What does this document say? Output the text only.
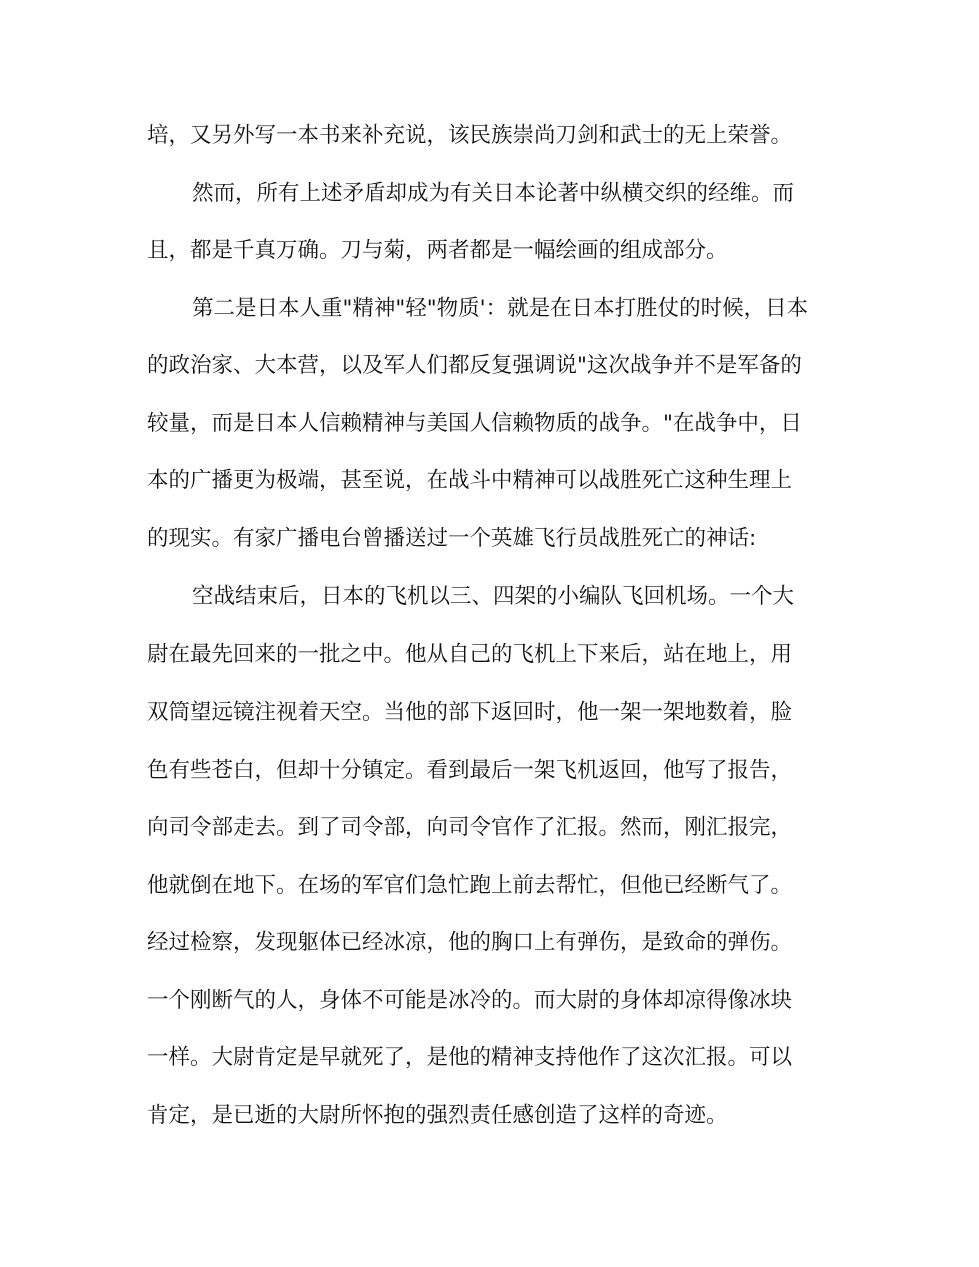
培，又另外写一本书来补充说，该民族崇尚刀剑和武士的无上荣誉。
然而，所有上述矛盾却成为有关日本论著中纵横交织的经维。而
且，都是千真万确。刀与菊，两者都是一幅绘画的组成部分。
第二是日本人重"精神"轻"物质'：就是在日本打胜仗的时候，日本
的政治家、大本营，以及军人们都反复强调说"这次战争并不是军备的
较量，而是日本人信赖精神与美国人信赖物质的战争。"在战争中，日
本的广播更为极端，甚至说，在战斗中精神可以战胜死亡这种生理上
的现实。有家广播电台曾播送过一个英雄飞行员战胜死亡的神话:
空战结束后，日本的飞机以三、四架的小编队飞回机场。一个大
尉在最先回来的一批之中。他从自己的飞机上下来后，站在地上，用
双筒望远镜注视着天空。当他的部下返回时，他一架一架地数着，脸
色有些苍白，但却十分镇定。看到最后一架飞机返回，他写了报告，
向司令部走去。到了司令部，向司令官作了汇报。然而，刚汇报完，
他就倒在地下。在场的军官们急忙跑上前去帮忙，但他已经断气了。
经过检察，发现躯体已经冰凉，他的胸口上有弹伤，是致命的弹伤。
一个刚断气的人，身体不可能是冰冷的。而大尉的身体却凉得像冰块
一样。大尉肯定是早就死了，是他的精神支持他作了这次汇报。可以
肯定，是已逝的大尉所怀抱的强烈责任感创造了这样的奇迹。
